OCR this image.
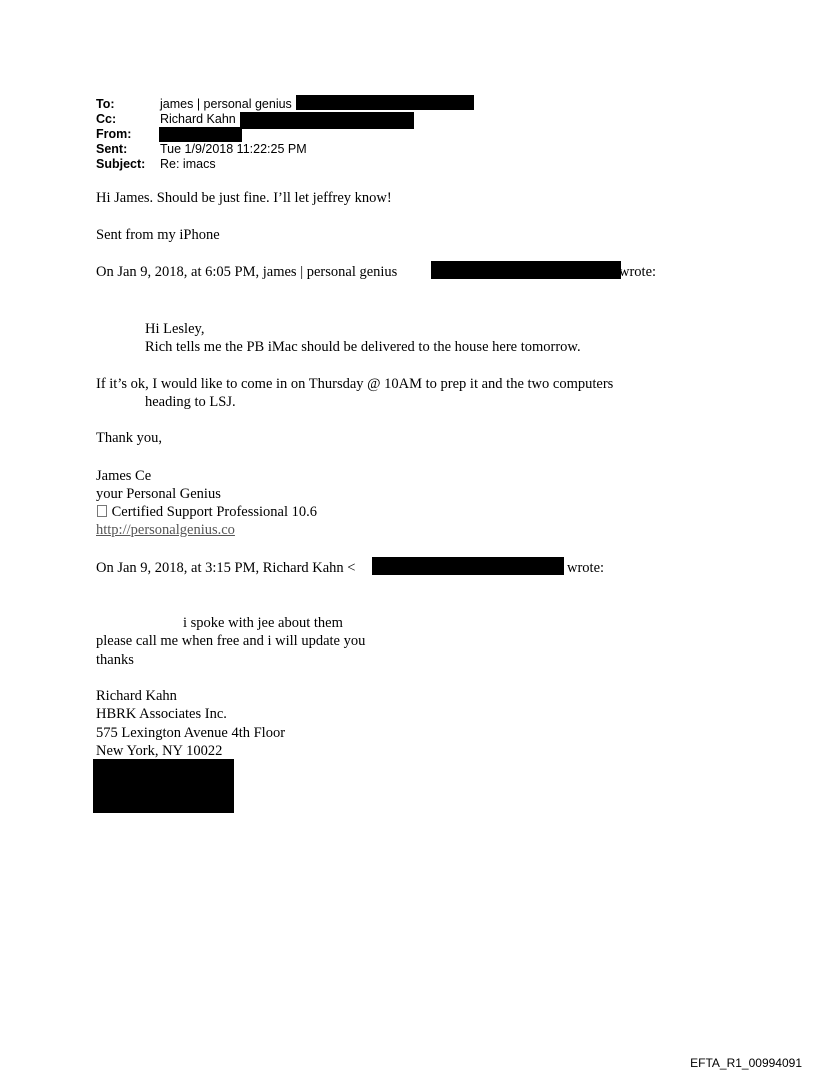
To:	james | personal genius
Cc:	Richard Kahn
From:
Sent:	Tue 1/9/2018 11:22:25 PM
Subject: Re: imacs
Hi James. Should be just fine. I’ll let jeffrey know!
Sent from my iPhone
On Jan 9, 2018, at 6:05 PM, james | personal genius	wrote:
Hi Lesley,
Rich tells me the PB iMac should be delivered to the house here tomorrow.
If it’s ok, I would like to come in on Thursday @ 10AM to prep it and the two computers
heading to LSJ.
Thank you,
James Ce
your Personal Genius
Certified Support Professional 10.6
http://personalgenius.co
On Jan 9, 2018, at 3:15 PM, Richard Kahn <	wrote:
i spoke with jee about them
please call me when free and i will update you
thanks
Richard Kahn
HBRK Associates Inc.
575 Lexington Avenue 4th Floor
New York, NY 10022
EFTA_R1_00994091
